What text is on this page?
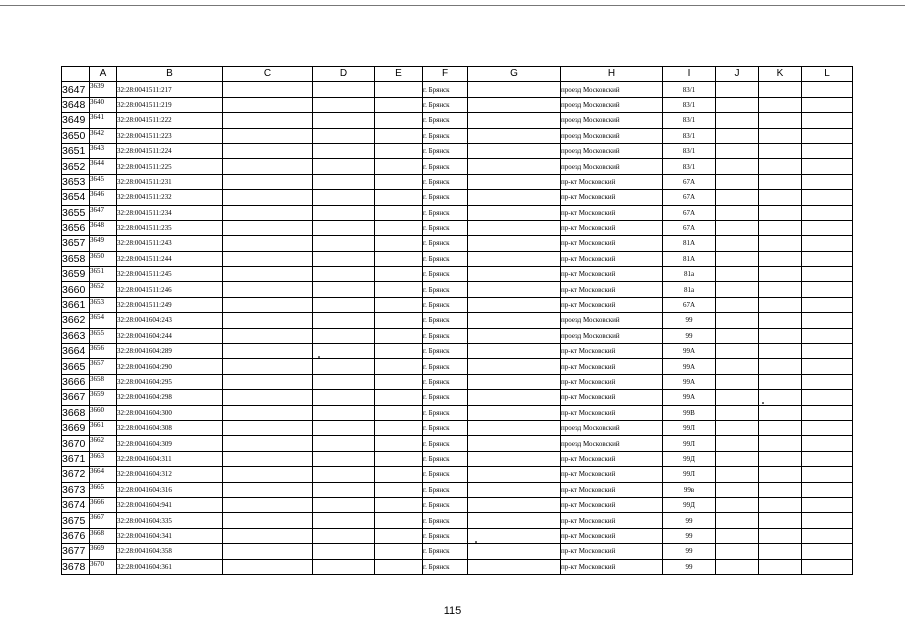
	A	B	C	D	E	F	G	H	I	J	K	L
3647	3639	32:28:0041511:217				г. Брянск		проезд Московский	83/1			
3648	3640	32:28:0041511:219				г. Брянск		проезд Московский	83/1			
3649	3641	32:28:0041511:222				г. Брянск		проезд Московский	83/1			
3650	3642	32:28:0041511:223				г. Брянск		проезд Московский	83/1			
3651	3643	32:28:0041511:224				г. Брянск		проезд Московский	83/1			
3652	3644	32:28:0041511:225				г. Брянск		проезд Московский	83/1			
3653	3645	32:28:0041511:231				г. Брянск		пр-кт Московский	67А			
3654	3646	32:28:0041511:232				г. Брянск		пр-кт Московский	67А			
3655	3647	32:28:0041511:234				г. Брянск		пр-кт Московский	67А			
3656	3648	32:28:0041511:235				г. Брянск		пр-кт Московский	67А			
3657	3649	32:28:0041511:243				г. Брянск		пр-кт Московский	81А			
3658	3650	32:28:0041511:244				г. Брянск		пр-кт Московский	81А			
3659	3651	32:28:0041511:245				г. Брянск		пр-кт Московский	81а			
3660	3652	32:28:0041511:246				г. Брянск		пр-кт Московский	81а			
3661	3653	32:28:0041511:249				г. Брянск		пр-кт Московский	67А			
3662	3654	32:28:0041604:243				г. Брянск		проезд Московский	99			
3663	3655	32:28:0041604:244				г. Брянск		проезд Московский	99			
3664	3656	32:28:0041604:289				г. Брянск		пр-кт Московский	99А			
3665	3657	32:28:0041604:290				г. Брянск		пр-кт Московский	99А			
3666	3658	32:28:0041604:295				г. Брянск		пр-кт Московский	99А			
3667	3659	32:28:0041604:298				г. Брянск		пр-кт Московский	99А			
3668	3660	32:28:0041604:300				г. Брянск		пр-кт Московский	99В			
3669	3661	32:28:0041604:308				г. Брянск		проезд Московский	99Л			
3670	3662	32:28:0041604:309				г. Брянск		проезд Московский	99Л			
3671	3663	32:28:0041604:311				г. Брянск		пр-кт Московский	99Д			
3672	3664	32:28:0041604:312				г. Брянск		пр-кт Московский	99Л			
3673	3665	32:28:0041604:316				г. Брянск		пр-кт Московский	99в			
3674	3666	32:28:0041604:941				г. Брянск		пр-кт Московский	99Д			
3675	3667	32:28:0041604:335				г. Брянск		пр-кт Московский	99			
3676	3668	32:28:0041604:341				г. Брянск		пр-кт Московский	99			
3677	3669	32:28:0041604:358				г. Брянск		пр-кт Московский	99			
3678	3670	32:28:0041604:361				г. Брянск		пр-кт Московский	99			
115
